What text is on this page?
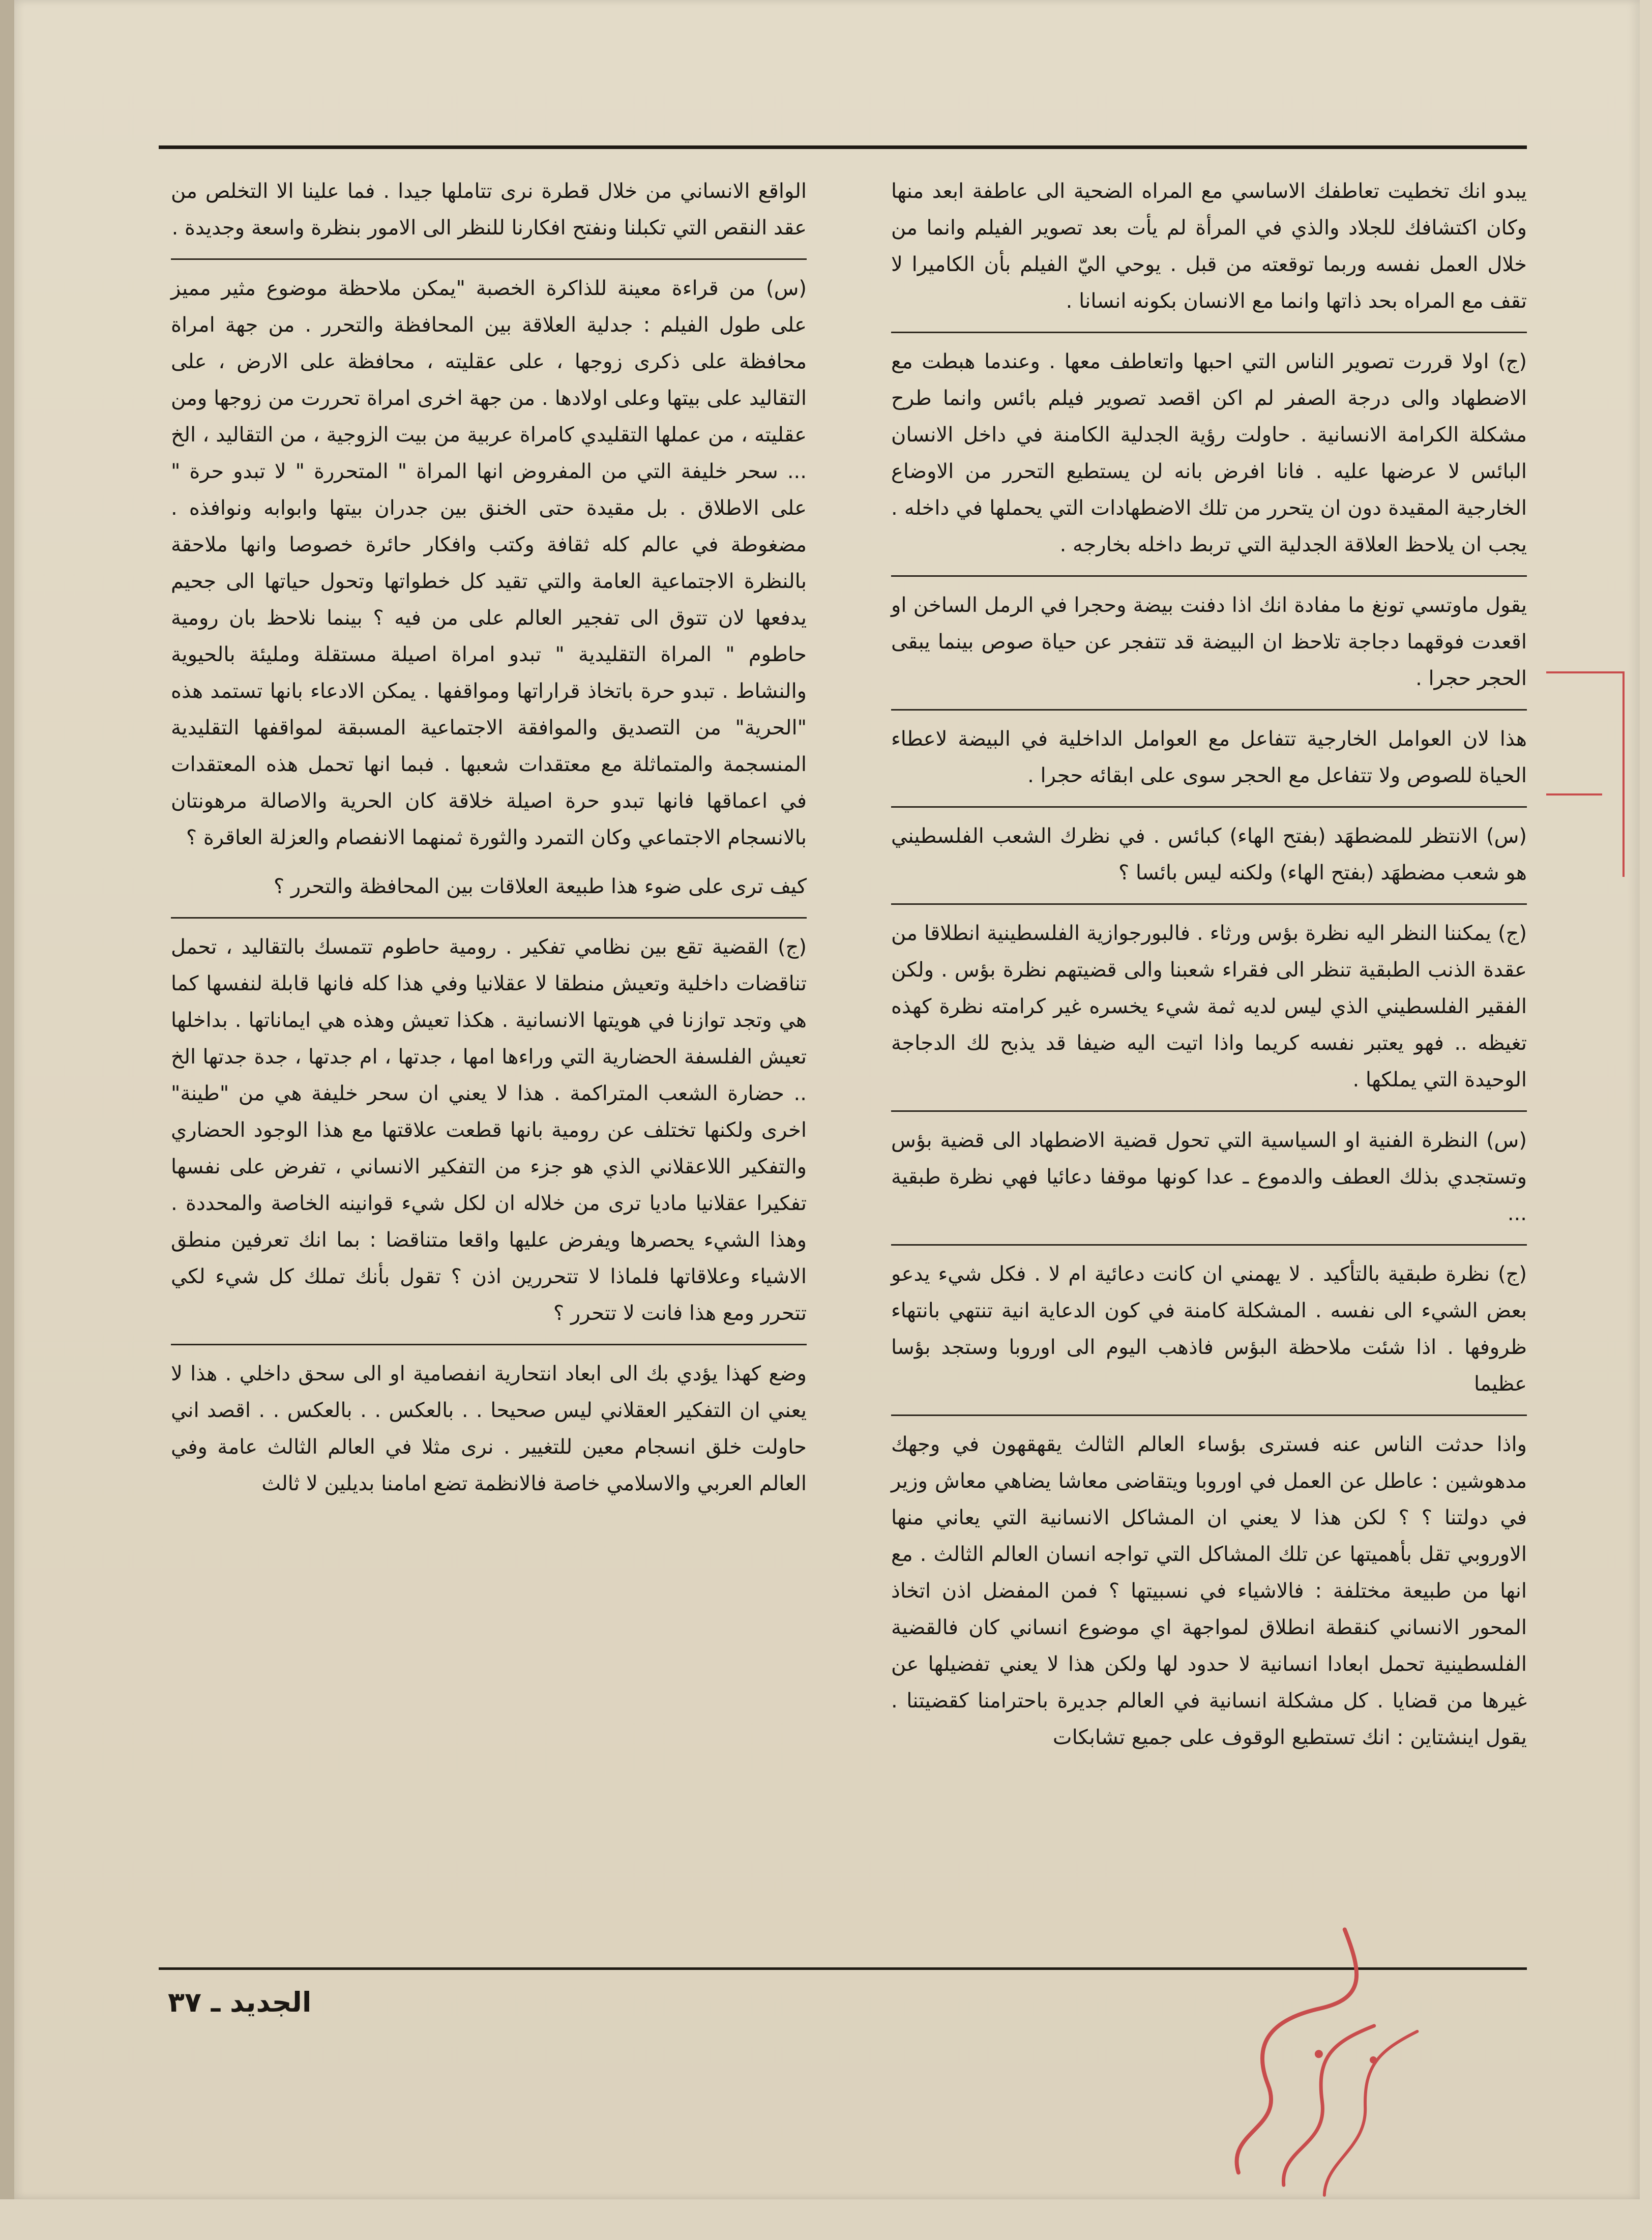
يبدو انك تخطيت تعاطفك الاساسي مع المراه الضحية الى عاطفة ابعد منها وكان اكتشافك للجلاد والذي في المرأة لم يأت بعد تصوير الفيلم وانما من خلال العمل نفسه وربما توقعته من قبل . يوحي اليّ الفيلم بأن الكاميرا لا تقف مع المراه بحد ذاتها وانما مع الانسان بكونه انسانا .

(ج) اولا قررت تصوير الناس التي احبها واتعاطف معها . وعندما هبطت مع الاضطهاد والى درجة الصفر لم اكن اقصد تصوير فيلم بائس وانما طرح مشكلة الكرامة الانسانية . حاولت رؤية الجدلية الكامنة في داخل الانسان البائس لا عرضها عليه . فانا افرض بانه لن يستطيع التحرر من الاوضاع الخارجية المقيدة دون ان يتحرر من تلك الاضطهادات التي يحملها في داخله . يجب ان يلاحظ العلاقة الجدلية التي تربط داخله بخارجه .

يقول ماوتسي تونغ ما مفادة انك اذا دفنت بيضة وحجرا في الرمل الساخن او اقعدت فوقهما دجاجة تلاحظ ان البيضة قد تتفجر عن حياة صوص بينما يبقى الحجر حجرا .

هذا لان العوامل الخارجية تتفاعل مع العوامل الداخلية في البيضة لاعطاء الحياة للصوص ولا تتفاعل مع الحجر سوى على ابقائه حجرا .

(س) الانتظر للمضطهَد (بفتح الهاء) كبائس . في نظرك الشعب الفلسطيني هو شعب مضطهَد (بفتح الهاء) ولكنه ليس بائسا ؟

(ج) يمكننا النظر اليه نظرة بؤس ورثاء . فالبورجوازية الفلسطينية انطلاقا من عقدة الذنب الطبقية تنظر الى فقراء شعبنا والى قضيتهم نظرة بؤس . ولكن الفقير الفلسطيني الذي ليس لديه ثمة شيء يخسره غير كرامته نظرة كهذه تغيظه .. فهو يعتبر نفسه كريما واذا اتيت اليه ضيفا قد يذبح لك الدجاجة الوحيدة التي يملكها .

(س) النظرة الفنية او السياسية التي تحول قضية الاضطهاد الى قضية بؤس وتستجدي بذلك العطف والدموع ـ عدا كونها موقفا دعائيا فهي نظرة طبقية ...

(ج) نظرة طبقية بالتأكيد . لا يهمني ان كانت دعائية ام لا . فكل شيء يدعو بعض الشيء الى نفسه . المشكلة كامنة في كون الدعاية انية تنتهي بانتهاء ظروفها . اذا شئت ملاحظة البؤس فاذهب اليوم الى اوروبا وستجد بؤسا عظيما

واذا حدثت الناس عنه فسترى بؤساء العالم الثالث يقهقهون في وجهك مدهوشين : عاطل عن العمل في اوروبا ويتقاضى معاشا يضاهي معاش وزير في دولتنا ؟ ؟ لكن هذا لا يعني ان المشاكل الانسانية التي يعاني منها الاوروبي تقل بأهميتها عن تلك المشاكل التي تواجه انسان العالم الثالث . مع انها من طبيعة مختلفة : فالاشياء في نسبيتها ؟ فمن المفضل اذن اتخاذ المحور الانساني كنقطة انطلاق لمواجهة اي موضوع انساني كان فالقضية الفلسطينية تحمل ابعادا انسانية لا حدود لها ولكن هذا لا يعني تفضيلها عن غيرها من قضايا . كل مشكلة انسانية في العالم جديرة باحترامنا كقضيتنا . يقول اينشتاين : انك تستطيع الوقوف على جميع تشابكات

الواقع الانساني من خلال قطرة نرى تتاملها جيدا . فما علينا الا التخلص من عقد النقص التي تكبلنا ونفتح افكارنا للنظر الى الامور بنظرة واسعة وجديدة .

(س) من قراءة معينة للذاكرة الخصبة "يمكن ملاحظة موضوع مثير مميز على طول الفيلم : جدلية العلاقة بين المحافظة والتحرر . من جهة امراة محافظة على ذكرى زوجها ، على عقليته ، محافظة على الارض ، على التقاليد على بيتها وعلى اولادها . من جهة اخرى امراة تحررت من زوجها ومن عقليته ، من عملها التقليدي كامراة عربية من بيت الزوجية ، من التقاليد ، الخ ... سحر خليفة التي من المفروض انها المراة " المتحررة " لا تبدو حرة " على الاطلاق . بل مقيدة حتى الخنق بين جدران بيتها وابوابه ونوافذه . مضغوطة في عالم كله ثقافة وكتب وافكار حائرة خصوصا وانها ملاحقة بالنظرة الاجتماعية العامة والتي تقيد كل خطواتها وتحول حياتها الى جحيم يدفعها لان تتوق الى تفجير العالم على من فيه ؟ بينما نلاحظ بان رومية حاطوم " المراة التقليدية " تبدو امراة اصيلة مستقلة ومليئة بالحيوية والنشاط . تبدو حرة باتخاذ قراراتها ومواقفها . يمكن الادعاء بانها تستمد هذه "الحرية" من التصديق والموافقة الاجتماعية المسبقة لمواقفها التقليدية المنسجمة والمتماثلة مع معتقدات شعبها . فبما انها تحمل هذه المعتقدات في اعماقها فانها تبدو حرة اصيلة خلاقة كان الحرية والاصالة مرهونتان بالانسجام الاجتماعي وكان التمرد والثورة ثمنهما الانفصام والعزلة العاقرة ؟

كيف ترى على ضوء هذا طبيعة العلاقات بين المحافظة والتحرر ؟

(ج) القضية تقع بين نظامي تفكير . رومية حاطوم تتمسك بالتقاليد ، تحمل تناقضات داخلية وتعيش منطقا لا عقلانيا وفي هذا كله فانها قابلة لنفسها كما هي وتجد توازنا في هويتها الانسانية . هكذا تعيش وهذه هي ايماناتها . بداخلها تعيش الفلسفة الحضارية التي وراءها امها ، جدتها ، ام جدتها ، جدة جدتها الخ .. حضارة الشعب المتراكمة . هذا لا يعني ان سحر خليفة هي من "طينة" اخرى ولكنها تختلف عن رومية بانها قطعت علاقتها مع هذا الوجود الحضاري والتفكير اللاعقلاني الذي هو جزء من التفكير الانساني ، تفرض على نفسها تفكيرا عقلانيا ماديا ترى من خلاله ان لكل شيء قوانينه الخاصة والمحددة . وهذا الشيء يحصرها ويفرض عليها واقعا متناقضا : بما انك تعرفين منطق الاشياء وعلاقاتها فلماذا لا تتحررين اذن ؟ تقول بأنك تملك كل شيء لكي تتحرر ومع هذا فانت لا تتحرر ؟

وضع كهذا يؤدي بك الى ابعاد انتحارية انفصامية او الى سحق داخلي . هذا لا يعني ان التفكير العقلاني ليس صحيحا . . بالعكس . . بالعكس . . اقصد اني حاولت خلق انسجام معين للتغيير . نرى مثلا في العالم الثالث عامة وفي العالم العربي والاسلامي خاصة فالانظمة تضع امامنا بديلين لا ثالث

الجديد ـ ٣٧
